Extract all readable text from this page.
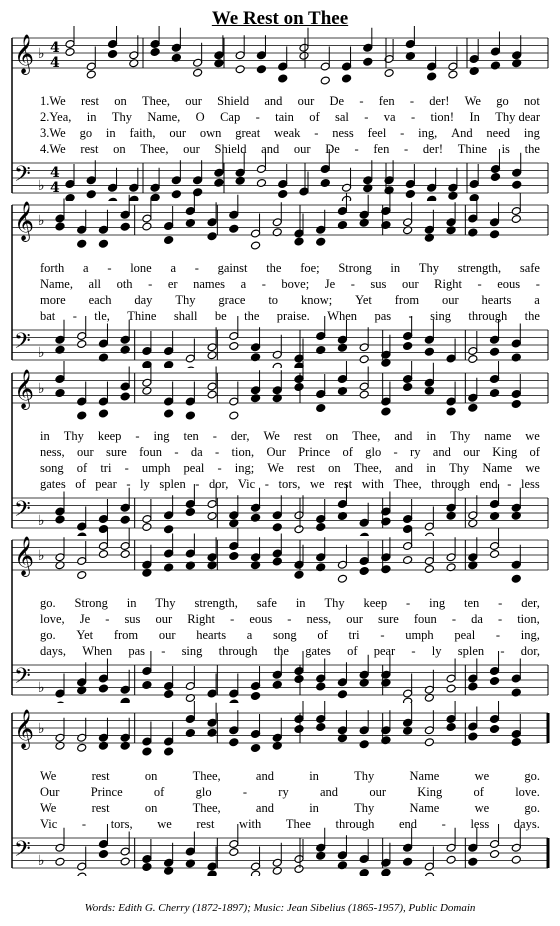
We Rest on Thee
𝄞 ♭ 4
4
𝄢 ♭
4
4
1.We rest on Thee, our Shield and our De - fen - der! We go not
2.Yea, in Thy Name, O Cap - tain of sal - va - tion! In Thy dear
3.We go in faith, our own great weak - ness feel - ing, And need ing
4.We rest on Thee, our Shield and our De - fen - der! Thine is the
𝄞 ♭
𝄢 ♭
forth a - lone a - gainst the foe; Strong in Thy strength, safe
Name, all oth - er names a - bove; Je - sus our Right - eous -
more each day Thy grace to know; Yet from our hearts a
bat - tle, Thine shall be the praise. When pas - sing through the
𝄞 ♭
𝄢 ♭
in Thy keep - ing ten - der, We rest on Thee, and in Thy name we
ness, our sure foun - da - tion, Our Prince of glo - ry and our King of
song of tri - umph peal - ing; We rest on Thee, and in Thy Name we
gates of pear - ly splen - dor, Vic - tors, we rest with Thee, through end - less
𝄞 ♭
𝄢 ♭
go. Strong in Thy strength, safe in Thy keep - ing ten - der,
love, Je - sus our Right - eous - ness, our sure foun - da - tion,
go. Yet from our hearts a song of tri - umph peal - ing,
days, When pas - sing through the gates of pear - ly splen - dor,
𝄞 ♭
𝄢 ♭
We	rest	on	Thee,	and	in	Thy	Name	we	go.
Our	Prince	of	glo	-	ry	and	our	King	of	love.
We	rest	on	Thee,	and	in	Thy	Name	we	go.
Vic - tors, we rest with Thee through end - less days.
Words: Edith G. Cherry (1872-1897); Music: Jean Sibelius (1865-1957), Public Domain
